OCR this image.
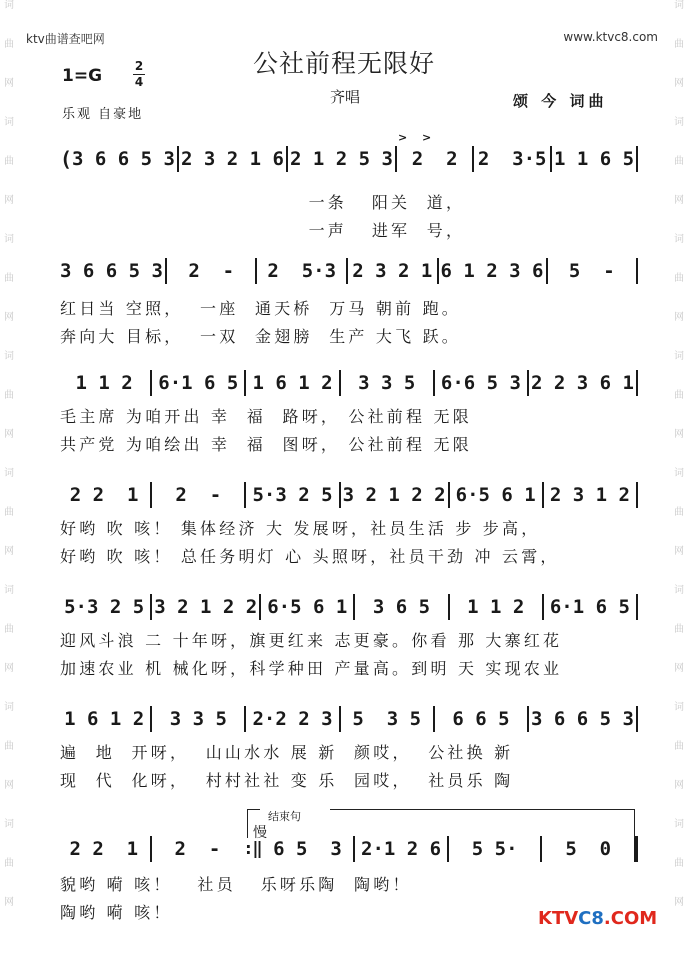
词
曲
网
词
曲
网
词
曲
网
词
曲
网
词
曲
网
词
曲
网
词
曲
网
词
曲
网
词
曲
网
词
曲
网
词
曲
网
词
曲
网
词
曲
网
词
曲
网
词
曲
网
词
曲
网
ktv曲谱查吧网	www.ktvc8.com
公社前程无限好
1=G	2
4
乐观 自豪地
齐唱	颂 今 词曲
( 3 6 6 5 3 2 3 2 1 6 2 1 2 5 3 2  2	2  3·5 1 1 6 5
一条   阳关  道，
一声   进军  号，
3 6 6 5 3	2  -	2  5·3 2 3 2 1 6 1 2 3 6	5  -
红日当 空照，  一座  通天桥  万马 朝前 跑。
奔向大 目标，  一双  金翅膀  生产 大飞 跃。
1 1 2	6·1 6 5 1 6 1 2	3 3 5	6·6 5 3 2 2 3 6 1
毛主席 为咱开出 幸  福  路呀， 公社前程 无限
共产党 为咱绘出 幸  福  图呀， 公社前程 无限
2 2  1	2  -	5·3 2 5 3 2 1 2 2 6·5 6 1 2 3 1 2
好哟 吹 咳！ 集体经济 大 发展呀，社员生活 步 步高，
好哟 吹 咳！ 总任务明灯 心 头照呀，社员干劲 冲 云霄，
5·3 2 5 3 2 1 2 2 6·5 6 1	3 6 5	1 1 2	6·1 6 5
迎风斗浪 二 十年呀，旗更红来 志更豪。你看 那 大寨红花
加速农业 机 械化呀，科学种田 产量高。到明 天 实现农业
1 6 1 2	3 3 5	2·2 2 3	5  3 5	6 6 5	3 6 6 5 3
遍  地  开呀，  山山水水 展 新  颜哎，  公社换 新
现  代  化呀，  村村社社 变 乐  园哎，  社员乐 陶
2 2  1	2  -	:‖ 6 5  3	2·1 2 6	5 5·	5  0
貌哟 嗬 咳！   社员   乐呀乐陶  陶哟！
陶哟 嗬 咳！
结束句
慢
> >
KTVC8.COM
